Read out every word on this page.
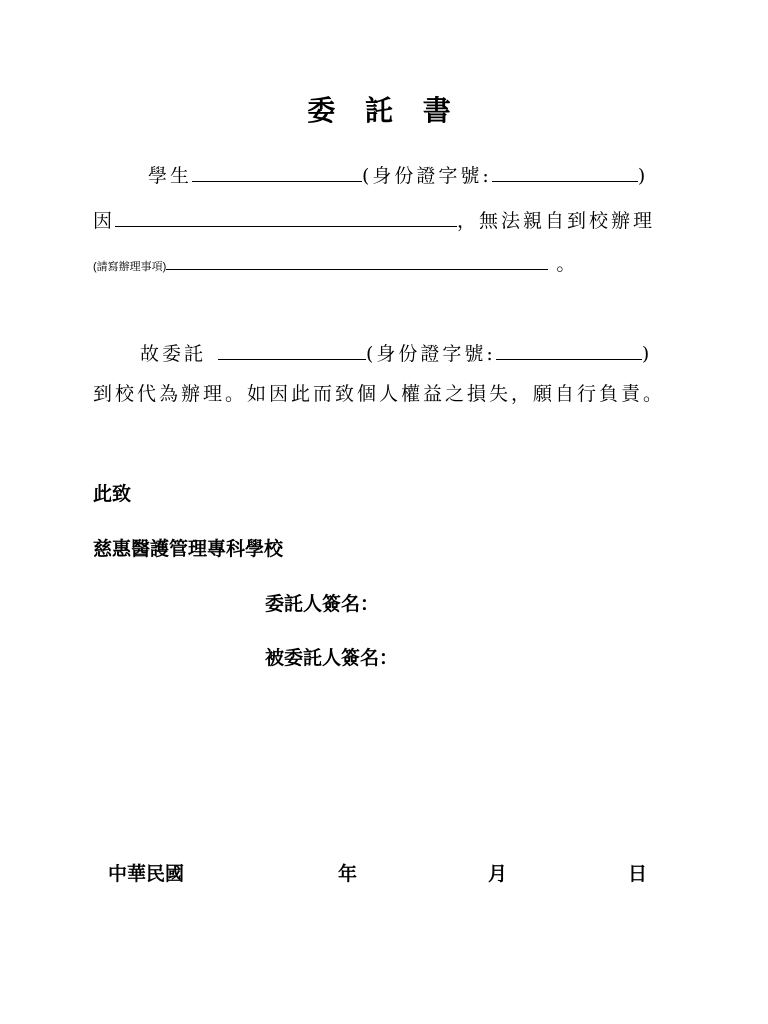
委 託 書
學生	(身份證字號:	)
因	，無法親自到校辦理
(請寫辦理事項)	。
故委託	(身份證字號:	)
到校代為辦理。如因此而致個人權益之損失，願自行負責。
此致
慈惠醫護管理專科學校
委託人簽名：
被委託人簽名：
中華民國	年	月	日
